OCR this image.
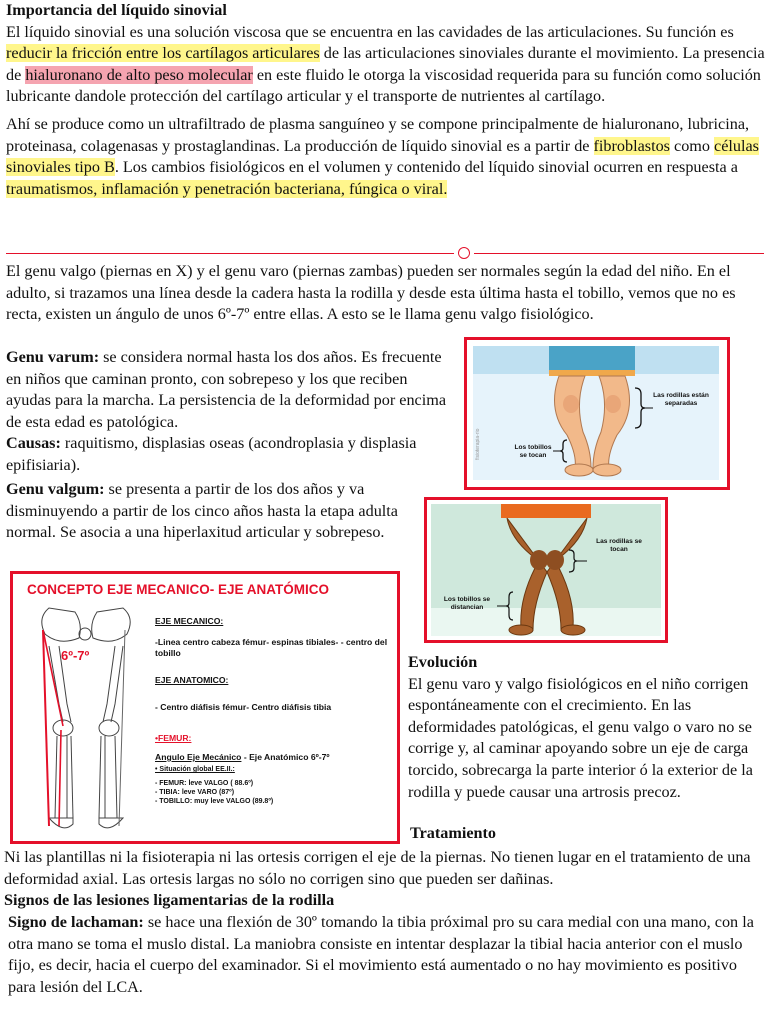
Importancia del líquido sinovial
El líquido sinovial es una solución viscosa que se encuentra en las cavidades de las articulaciones. Su función es reducir la fricción entre los cartílagos articulares de las articulaciones sinoviales durante el movimiento. La presencia de hialuronano de alto peso molecular en este fluido le otorga la viscosidad requerida para su función como solución lubricante dandole protección del cartílago articular y el transporte de nutrientes al cartílago.
Ahí se produce como un ultrafiltrado de plasma sanguíneo y se compone principalmente de hialuronano, lubricina, proteinasa, colagenasas y prostaglandinas. La producción de líquido sinovial es a partir de fibroblastos como células sinoviales tipo B. Los cambios fisiológicos en el volumen y contenido del líquido sinovial ocurren en respuesta a traumatismos, inflamación y penetración bacteriana, fúngica o viral.
El genu valgo (piernas en X) y el genu varo (piernas zambas) pueden ser normales según la edad del niño. En el adulto, si trazamos una línea desde la cadera hasta la rodilla y desde esta última hasta el tobillo, vemos que no es recta, existen un ángulo de unos 6º-7º entre ellas. A esto se le llama genu valgo fisiológico.
Genu varum: se considera normal hasta los dos años. Es frecuente en niños que caminan pronto, con sobrepeso y los que reciben ayudas para la marcha. La persistencia de la deformidad por encima de esta edad es patológica.
Causas: raquitismo, displasias oseas (acondroplasia y displasia epifisiaria).
Genu valgum: se presenta a partir de los dos años y va disminuyendo a partir de los cinco años hasta la etapa adulta normal. Se asocia a una hiperlaxitud articular y sobrepeso.
fisioterapia-rio
Las rodillas están separadas
Los tobillos se tocan
Las rodillas se tocan
Los tobillos se distancian
CONCEPTO EJE MECANICO- EJE ANATÓMICO
6º-7º
EJE MECANICO:
-Linea centro cabeza fémur- espinas tibiales- - centro del tobillo
EJE ANATOMICO:
- Centro diáfisis fémur- Centro diáfisis tibia
•FEMUR:
Angulo Eje Mecánico - Eje Anatómico 6º-7º
• Situación global EE.II.:
- FEMUR: leve VALGO ( 88.6º)
- TIBIA: leve VARO (87º)
- TOBILLO: muy leve VALGO (89.8º)
Evolución
El genu varo y valgo fisiológicos en el niño corrigen espontáneamente con el crecimiento. En las deformidades patológicas, el genu valgo o varo no se corrige y, al caminar apoyando sobre un eje de carga torcido, sobrecarga la parte interior ó la exterior de la rodilla y puede causar una artrosis precoz.
Tratamiento
Ni las plantillas ni la fisioterapia ni las ortesis corrigen el eje de la piernas. No tienen lugar en el tratamiento de una deformidad axial. Las ortesis largas no sólo no corrigen sino que pueden ser dañinas.
Signos de las lesiones ligamentarias de la rodilla
Signo de lachaman: se hace una flexión de 30º tomando la tibia próximal pro su cara medial con una mano, con la otra mano se toma el muslo distal. La maniobra consiste en intentar desplazar la tibial hacia anterior con el muslo fijo, es decir, hacia el cuerpo del examinador. Si el movimiento está aumentado o no hay movimiento es positivo para lesión del LCA.
